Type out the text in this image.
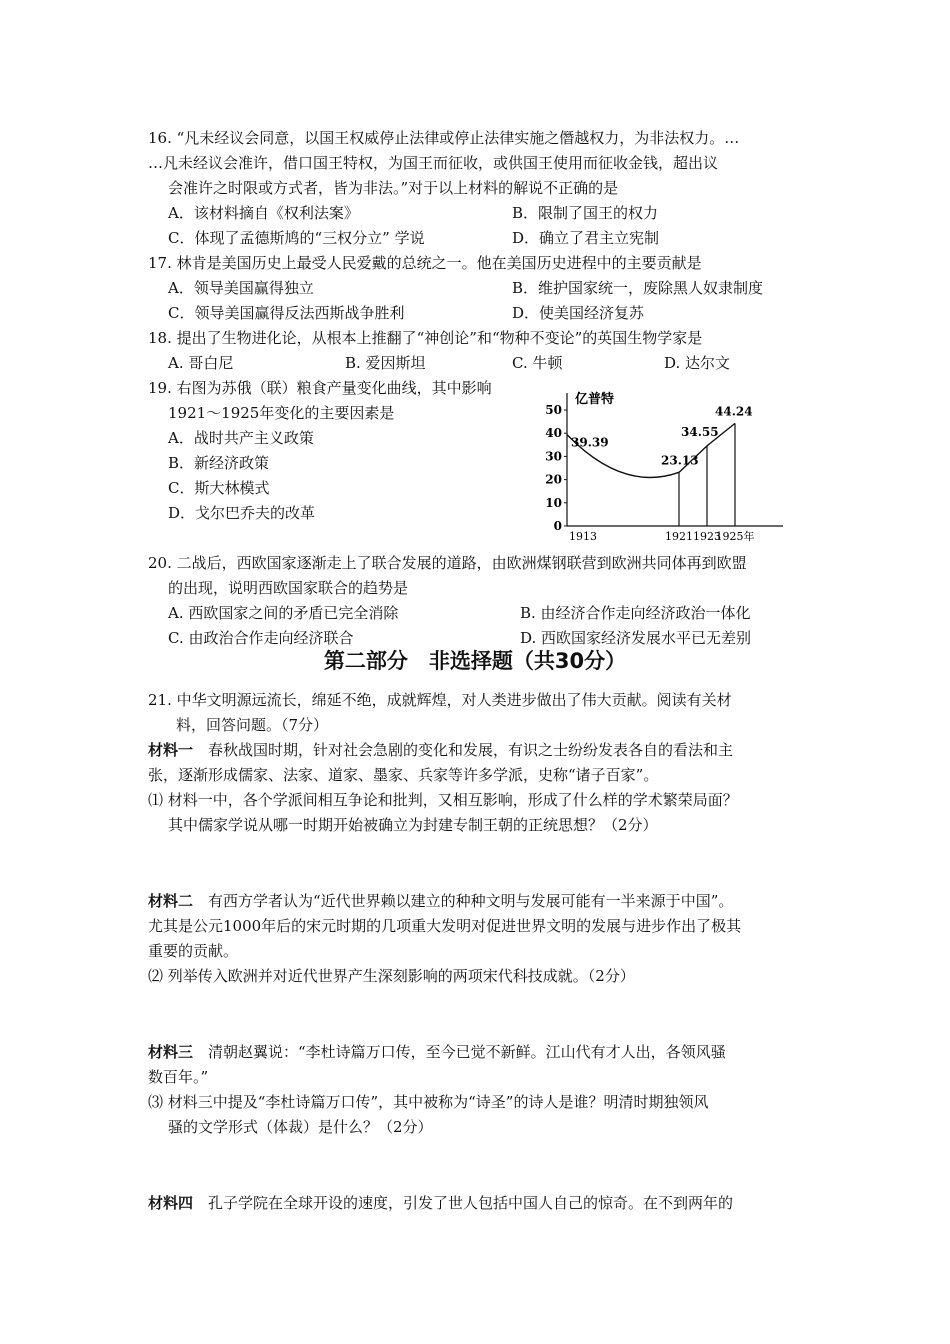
16. “凡未经议会同意，以国王权威停止法律或停止法律实施之僭越权力，为非法权力。…
…凡未经议会准许，借口国王特权，为国王而征收，或供国王使用而征收金钱，超出议
会准许之时限或方式者，皆为非法。”对于以上材料的解说不正确的是
A．该材料摘自《权利法案》	B．限制了国王的权力
C．体现了孟德斯鸠的“三权分立” 学说	D．确立了君主立宪制
17. 林肯是美国历史上最受人民爱戴的总统之一。他在美国历史进程中的主要贡献是
A．领导美国赢得独立	B．维护国家统一，废除黑人奴隶制度
C．领导美国赢得反法西斯战争胜利	D．使美国经济复苏
18. 提出了生物进化论，从根本上推翻了“神创论”和“物种不变论”的英国生物学家是
A. 哥白尼	B. 爱因斯坦	C. 牛顿	D. 达尔文
19. 右图为苏俄（联）粮食产量变化曲线，其中影响
1921～1925年变化的主要因素是
A．战时共产主义政策
B．新经济政策
C．斯大林模式
D．戈尔巴乔夫的改革
亿普特
0
10
20
30
40
50
1913	1921 1923
1925年
39.39
23.13
34.55
44.24
20. 二战后，西欧国家逐渐走上了联合发展的道路，由欧洲煤钢联营到欧洲共同体再到欧盟
的出现，说明西欧国家联合的趋势是
A. 西欧国家之间的矛盾已完全消除	B. 由经济合作走向经济政治一体化
C. 由政治合作走向经济联合	D. 西欧国家经济发展水平已无差别
第二部分　非选择题（共30分）
21. 中华文明源远流长，绵延不绝，成就辉煌，对人类进步做出了伟大贡献。阅读有关材
料，回答问题。（7分）
材料一　春秋战国时期，针对社会急剧的变化和发展，有识之士纷纷发表各自的看法和主
张，逐渐形成儒家、法家、道家、墨家、兵家等许多学派，史称“诸子百家”。
⑴ 材料一中，各个学派间相互争论和批判，又相互影响，形成了什么样的学术繁荣局面？
其中儒家学说从哪一时期开始被确立为封建专制王朝的正统思想？（2分）
材料二　有西方学者认为“近代世界赖以建立的种种文明与发展可能有一半来源于中国”。
尤其是公元1000年后的宋元时期的几项重大发明对促进世界文明的发展与进步作出了极其
重要的贡献。
⑵ 列举传入欧洲并对近代世界产生深刻影响的两项宋代科技成就。（2分）
材料三　清朝赵翼说：“李杜诗篇万口传，至今已觉不新鲜。江山代有才人出，各领风骚
数百年。”
⑶ 材料三中提及“李杜诗篇万口传”，其中被称为“诗圣”的诗人是谁？明清时期独领风
骚的文学形式（体裁）是什么？（2分）
材料四　孔子学院在全球开设的速度，引发了世人包括中国人自己的惊奇。在不到两年的
